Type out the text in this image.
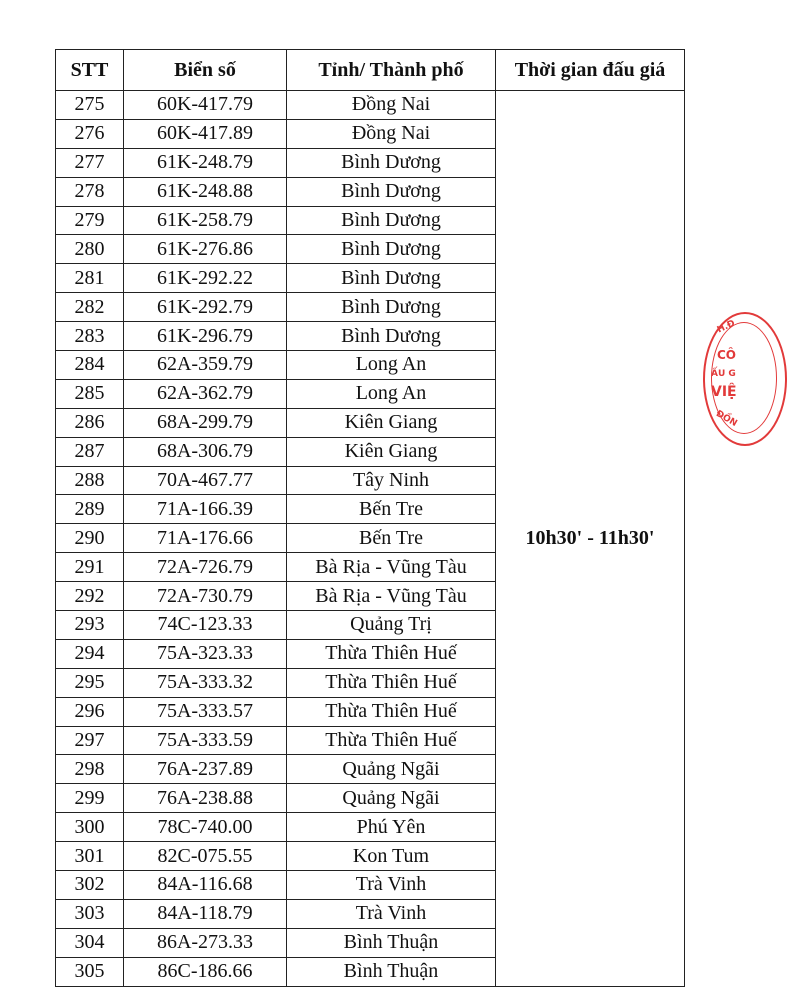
STT	Biển số	Tỉnh/ Thành phố	Thời gian đấu giá
275	60K-417.79	Đồng Nai	10h30' - 11h30'
276	60K-417.89	Đồng Nai	
277	61K-248.79	Bình Dương	
278	61K-248.88	Bình Dương	
279	61K-258.79	Bình Dương	
280	61K-276.86	Bình Dương	
281	61K-292.22	Bình Dương	
282	61K-292.79	Bình Dương	
283	61K-296.79	Bình Dương	
284	62A-359.79	Long An	
285	62A-362.79	Long An	
286	68A-299.79	Kiên Giang	
287	68A-306.79	Kiên Giang	
288	70A-467.77	Tây Ninh	
289	71A-166.39	Bến Tre	
290	71A-176.66	Bến Tre	
291	72A-726.79	Bà Rịa - Vũng Tàu	
292	72A-730.79	Bà Rịa - Vũng Tàu	
293	74C-123.33	Quảng Trị	
294	75A-323.33	Thừa Thiên Huế	
295	75A-333.32	Thừa Thiên Huế	
296	75A-333.57	Thừa Thiên Huế	
297	75A-333.59	Thừa Thiên Huế	
298	76A-237.89	Quảng Ngãi	
299	76A-238.88	Quảng Ngãi	
300	78C-740.00	Phú Yên	
301	82C-075.55	Kon Tum	
302	84A-116.68	Trà Vinh	
303	84A-118.79	Trà Vinh	
304	86A-273.33	Bình Thuận	
305	86C-186.66	Bình Thuận	
H.Đ
CÔ
ẤU G
VIỆ
ĐỒN
